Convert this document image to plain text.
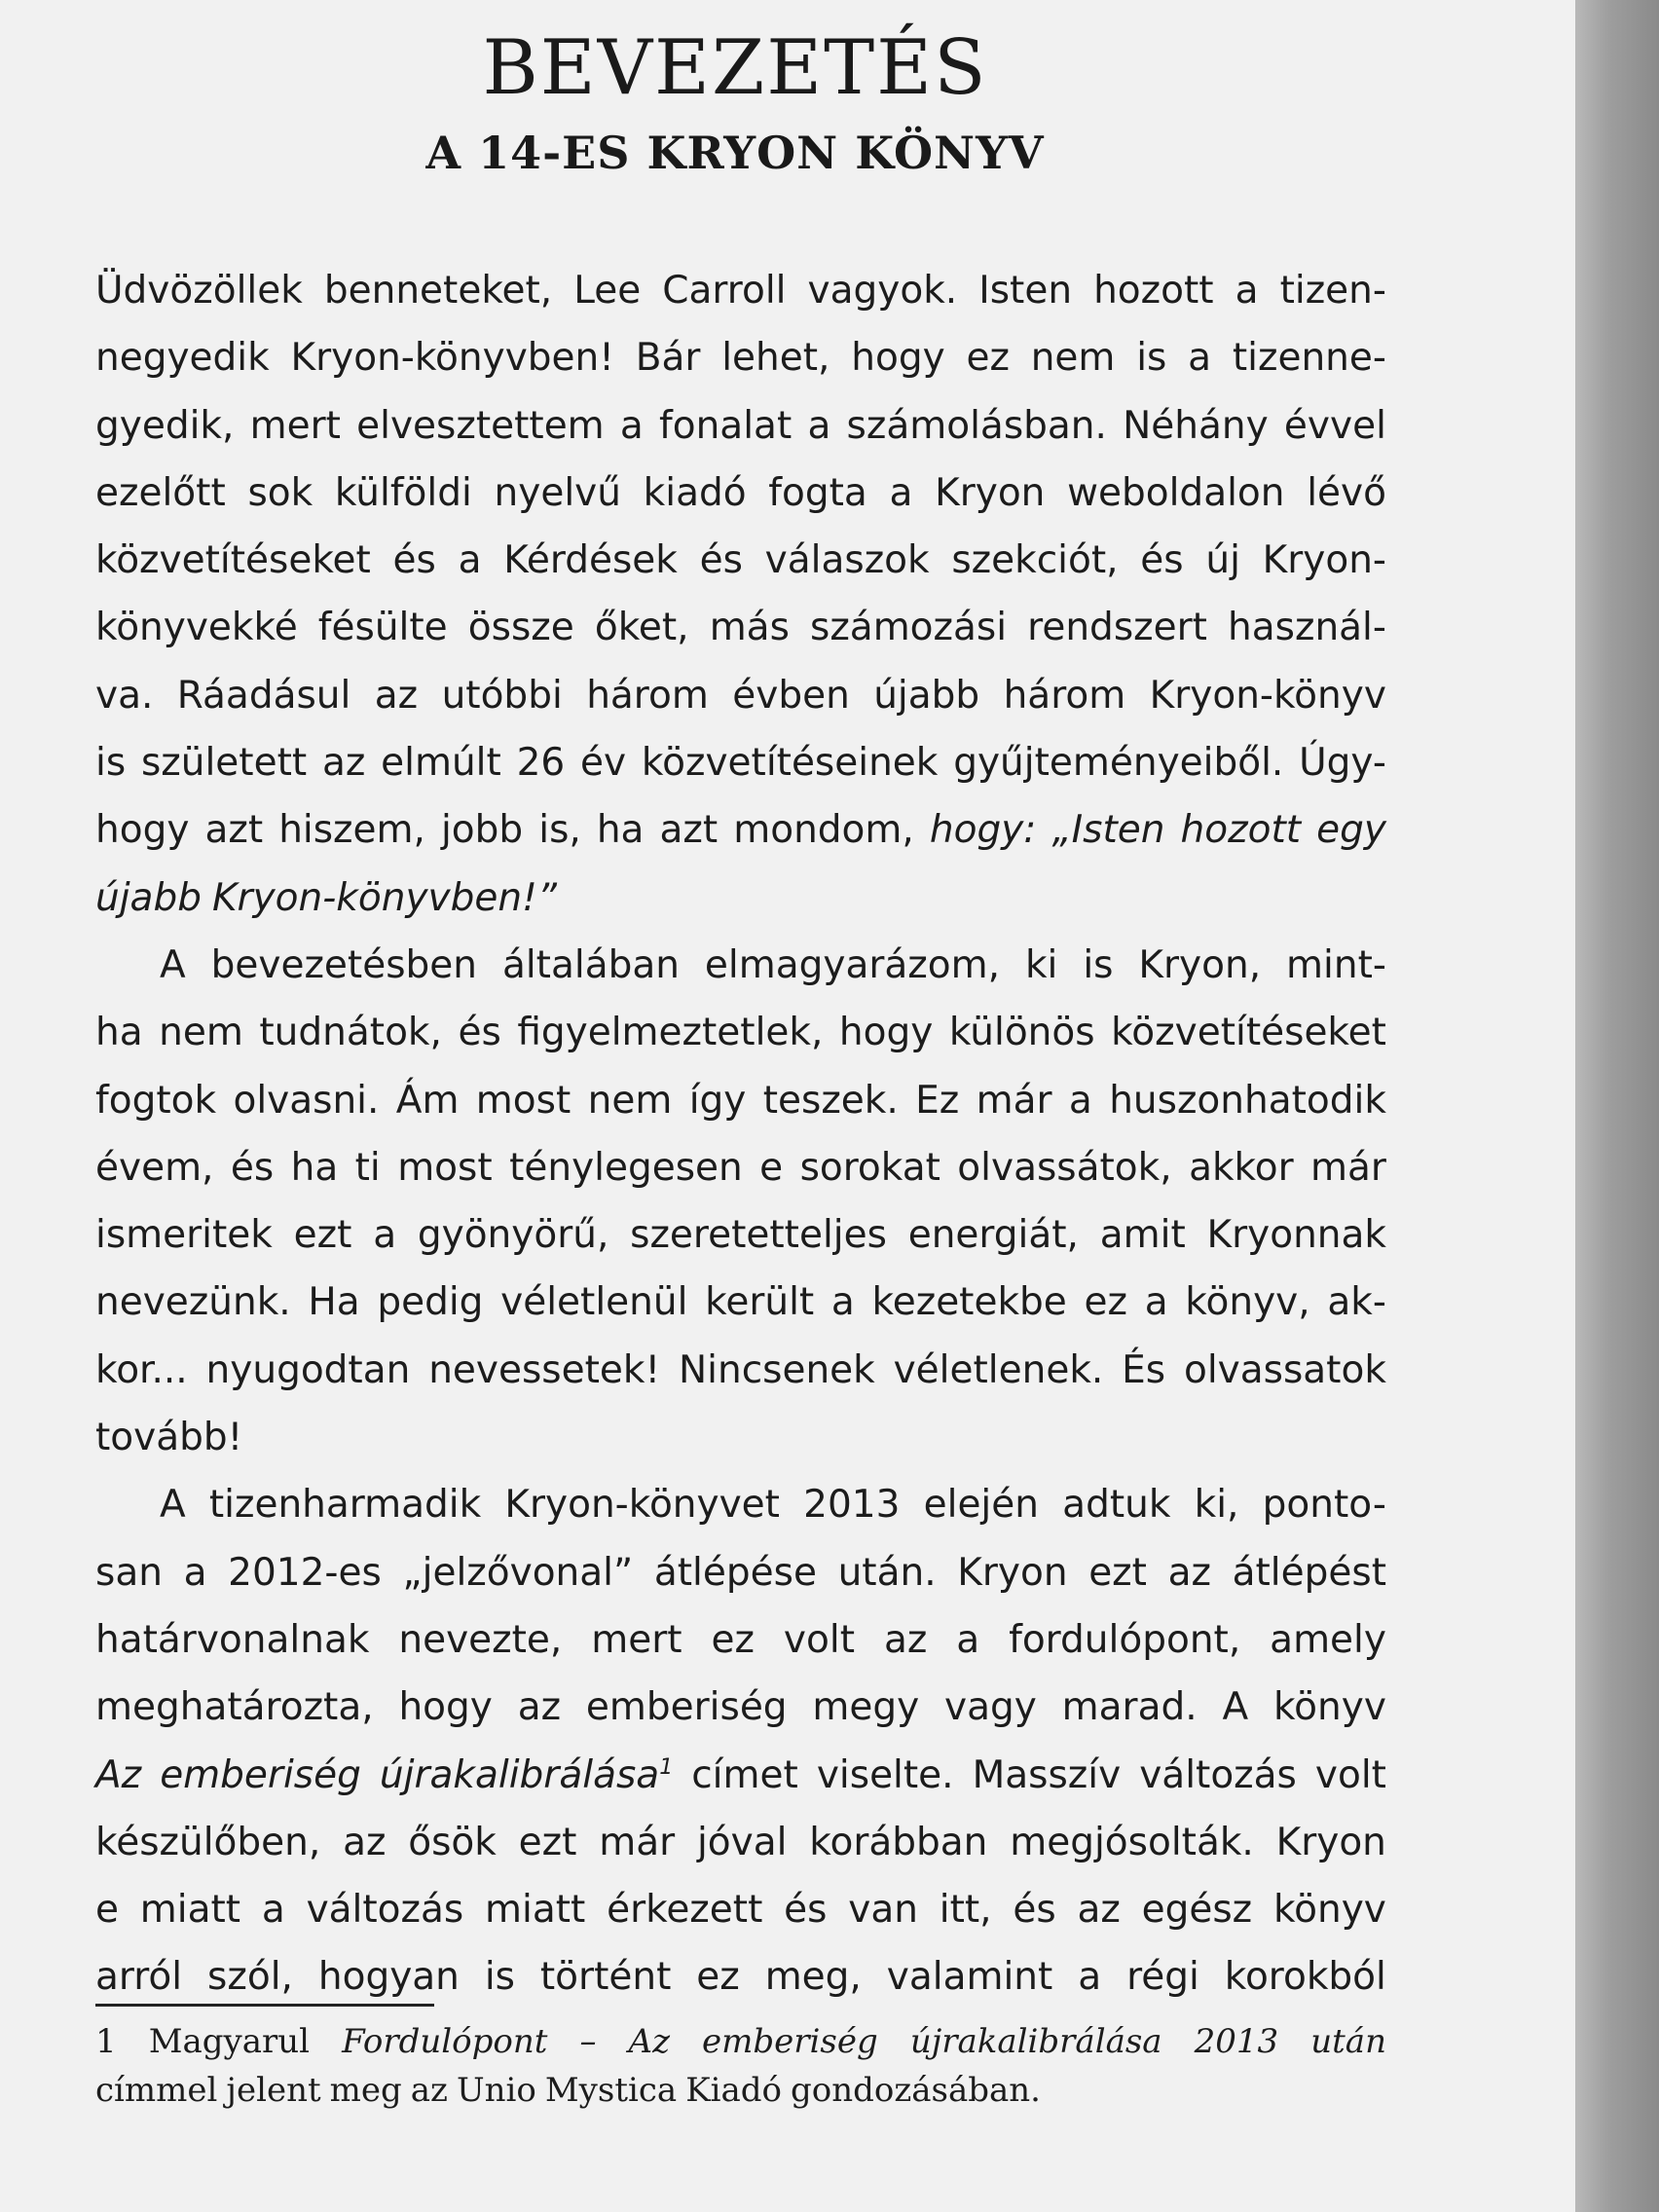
BEVEZETÉS
A 14-ES KRYON KÖNYV
Üdvözöllek benneteket, Lee Carroll vagyok. Isten hozott a tizen-
negyedik Kryon-könyvben! Bár lehet, hogy ez nem is a tizenne-
gyedik, mert elvesztettem a fonalat a számolásban. Néhány évvel
ezelőtt sok külföldi nyelvű kiadó fogta a Kryon weboldalon lévő
közvetítéseket és a Kérdések és válaszok szekciót, és új Kryon-
könyvekké fésülte össze őket, más számozási rendszert használ-
va. Ráadásul az utóbbi három évben újabb három Kryon-könyv
is született az elmúlt 26 év közvetítéseinek gyűjteményeiből. Úgy-
hogy azt hiszem, jobb is, ha azt mondom, hogy: „Isten hozott egy
újabb Kryon-könyvben!”
A bevezetésben általában elmagyarázom, ki is Kryon, mint-
ha nem tudnátok, és figyelmeztetlek, hogy különös közvetítéseket
fogtok olvasni. Ám most nem így teszek. Ez már a huszonhatodik
évem, és ha ti most ténylegesen e sorokat olvassátok, akkor már
ismeritek ezt a gyönyörű, szeretetteljes energiát, amit Kryonnak
nevezünk. Ha pedig véletlenül került a kezetekbe ez a könyv, ak-
kor... nyugodtan nevessetek! Nincsenek véletlenek. És olvassatok
tovább!
A tizenharmadik Kryon-könyvet 2013 elején adtuk ki, ponto-
san a 2012-es „jelzővonal” átlépése után. Kryon ezt az átlépést
határvonalnak nevezte, mert ez volt az a fordulópont, amely
meghatározta, hogy az emberiség megy vagy marad. A könyv
Az emberiség újrakalibrálása$^1$ címet viselte. Masszív változás volt
készülőben, az ősök ezt már jóval korábban megjósolták. Kryon
e miatt a változás miatt érkezett és van itt, és az egész könyv
arról szól, hogyan is történt ez meg, valamint a régi korokból
1 Magyarul Fordulópont – Az emberiség újrakalibrálása 2013 után
címmel jelent meg az Unio Mystica Kiadó gondozásában.
